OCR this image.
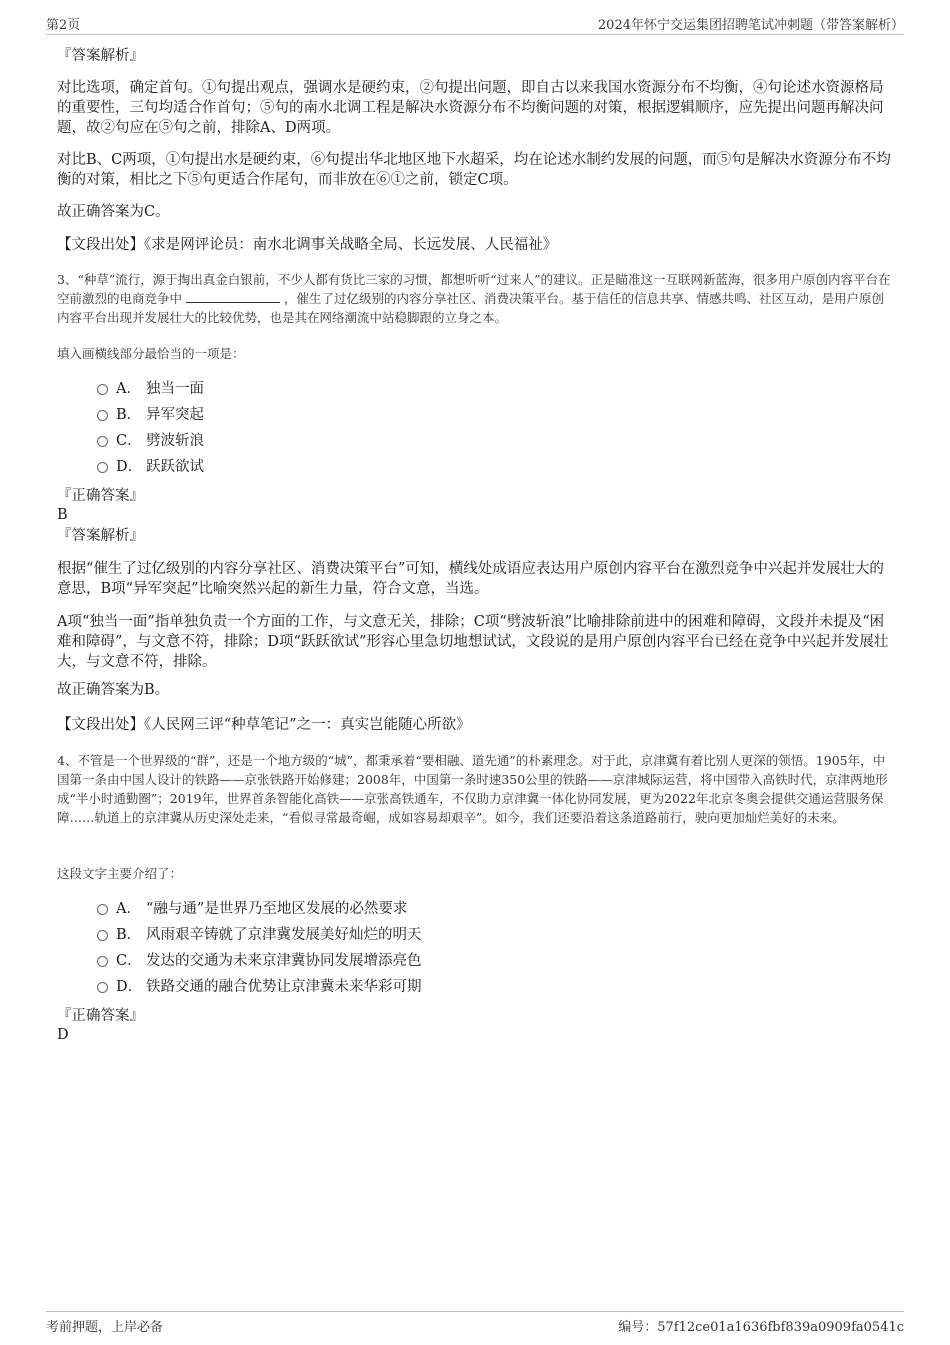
第2页	2024年怀宁交运集团招聘笔试冲刺题（带答案解析）
『答案解析』
对比选项，确定首句。①句提出观点，强调水是硬约束，②句提出问题，即自古以来我国水资源分布不均衡，④句论述水资源格局的重要性，三句均适合作首句；⑤句的南水北调工程是解决水资源分布不均衡问题的对策，根据逻辑顺序，应先提出问题再解决问题，故②句应在⑤句之前，排除A、D两项。
对比B、C两项，①句提出水是硬约束，⑥句提出华北地区地下水超采，均在论述水制约发展的问题，而⑤句是解决水资源分布不均衡的对策，相比之下⑤句更适合作尾句，而非放在⑥①之前，锁定C项。
故正确答案为C。
【文段出处】《求是网评论员：南水北调事关战略全局、长远发展、人民福祉》
3、“种草”流行，源于掏出真金白银前，不少人都有货比三家的习惯，都想听听“过来人”的建议。正是瞄准这一互联网新蓝海，很多用户原创内容平台在空前激烈的电商竞争中	，催生了过亿级别的内容分享社区、消费决策平台。基于信任的信息共享、情感共鸣、社区互动，是用户原创内容平台出现并发展壮大的比较优势，也是其在网络潮流中站稳脚跟的立身之本。
填入画横线部分最恰当的一项是：
A． 独当一面
B． 异军突起
C． 劈波斩浪
D． 跃跃欲试
『正确答案』
B
『答案解析』
根据“催生了过亿级别的内容分享社区、消费决策平台”可知，横线处成语应表达用户原创内容平台在激烈竞争中兴起并发展壮大的意思，B项“异军突起”比喻突然兴起的新生力量，符合文意，当选。
A项“独当一面”指单独负责一个方面的工作，与文意无关，排除；C项“劈波斩浪”比喻排除前进中的困难和障碍，文段并未提及“困难和障碍”，与文意不符，排除；D项“跃跃欲试”形容心里急切地想试试，文段说的是用户原创内容平台已经在竞争中兴起并发展壮大，与文意不符，排除。
故正确答案为B。
【文段出处】《人民网三评“种草笔记”之一：真实岂能随心所欲》
4、不管是一个世界级的“群”，还是一个地方级的“城”，都秉承着“要相融、道先通”的朴素理念。对于此，京津冀有着比别人更深的领悟。1905年，中国第一条由中国人设计的铁路——京张铁路开始修建；2008年，中国第一条时速350公里的铁路——京津城际运营，将中国带入高铁时代，京津两地形成“半小时通勤圈”；2019年，世界首条智能化高铁——京张高铁通车，不仅助力京津冀一体化协同发展，更为2022年北京冬奥会提供交通运营服务保障……轨道上的京津冀从历史深处走来，“看似寻常最奇崛，成如容易却艰辛”。如今，我们还要沿着这条道路前行，驶向更加灿烂美好的未来。
这段文字主要介绍了：
A． “融与通”是世界乃至地区发展的必然要求
B． 风雨艰辛铸就了京津冀发展美好灿烂的明天
C． 发达的交通为未来京津冀协同发展增添亮色
D． 铁路交通的融合优势让京津冀未来华彩可期
『正确答案』
D
考前押题，上岸必备	编号：57f12ce01a1636fbf839a0909fa0541c
